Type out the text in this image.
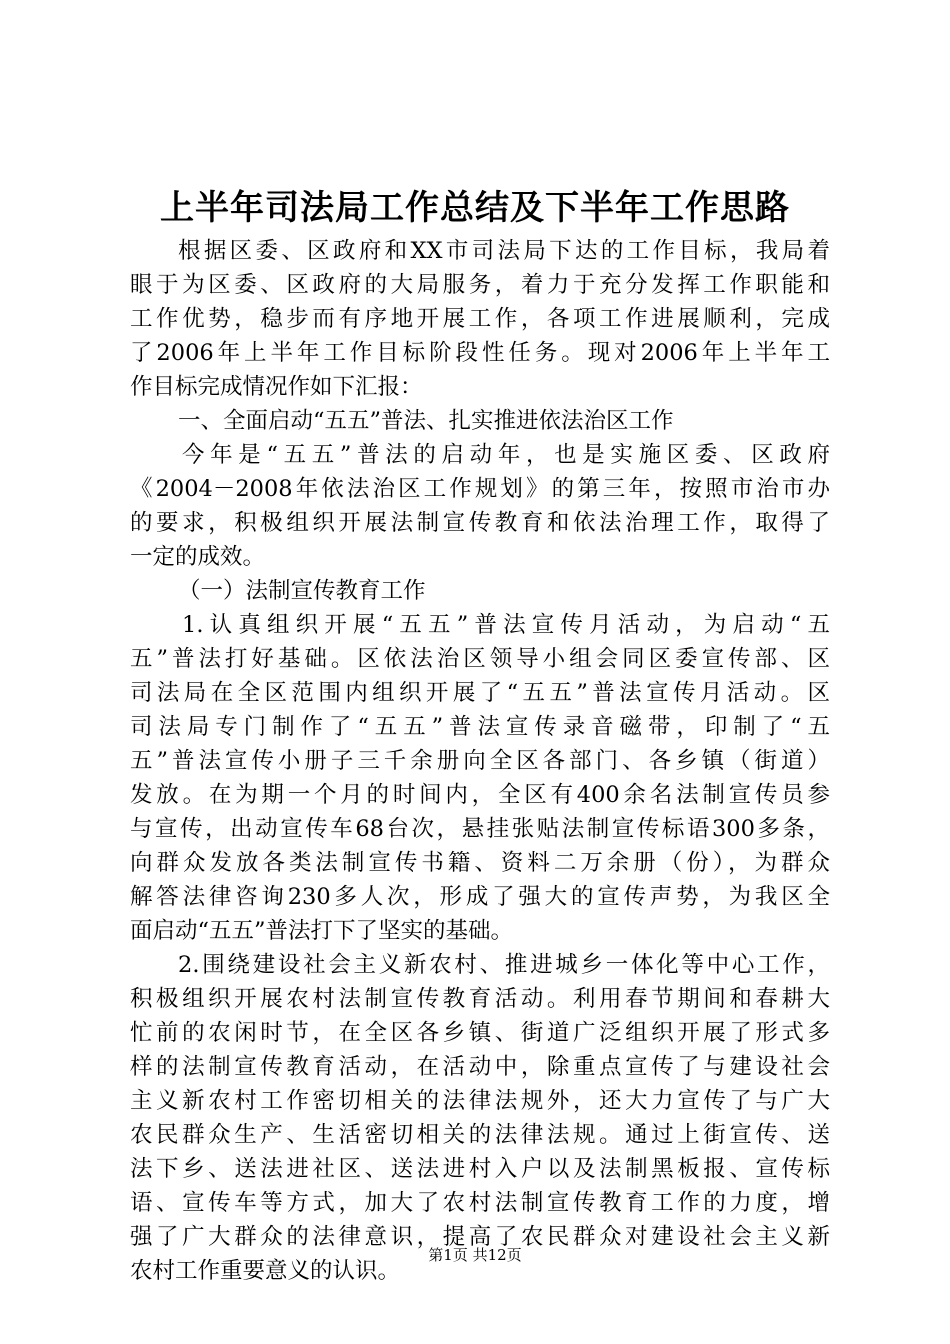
上半年司法局工作总结及下半年工作思路
根据区委、区政府和XX市司法局下达的工作目标，我局着
眼于为区委、区政府的大局服务，着力于充分发挥工作职能和
工作优势，稳步而有序地开展工作，各项工作进展顺利，完成
了2006年上半年工作目标阶段性任务。现对2006年上半年工
作目标完成情况作如下汇报：
一、全面启动“五五”普法、扎实推进依法治区工作
今年是“五五”普法的启动年，也是实施区委、区政府
《2004－2008年依法治区工作规划》的第三年，按照市治市办
的要求，积极组织开展法制宣传教育和依法治理工作，取得了
一定的成效。
（一）法制宣传教育工作
1.认真组织开展“五五”普法宣传月活动，为启动“五
五”普法打好基础。区依法治区领导小组会同区委宣传部、区
司法局在全区范围内组织开展了“五五”普法宣传月活动。区
司法局专门制作了“五五”普法宣传录音磁带，印制了“五
五”普法宣传小册子三千余册向全区各部门、各乡镇（街道）
发放。在为期一个月的时间内，全区有400余名法制宣传员参
与宣传，出动宣传车68台次，悬挂张贴法制宣传标语300多条，
向群众发放各类法制宣传书籍、资料二万余册（份），为群众
解答法律咨询230多人次，形成了强大的宣传声势，为我区全
面启动“五五”普法打下了坚实的基础。
2.围绕建设社会主义新农村、推进城乡一体化等中心工作，
积极组织开展农村法制宣传教育活动。利用春节期间和春耕大
忙前的农闲时节，在全区各乡镇、街道广泛组织开展了形式多
样的法制宣传教育活动，在活动中，除重点宣传了与建设社会
主义新农村工作密切相关的法律法规外，还大力宣传了与广大
农民群众生产、生活密切相关的法律法规。通过上街宣传、送
法下乡、送法进社区、送法进村入户以及法制黑板报、宣传标
语、宣传车等方式，加大了农村法制宣传教育工作的力度，增
强了广大群众的法律意识，提高了农民群众对建设社会主义新
农村工作重要意义的认识。
第1页 共12页
